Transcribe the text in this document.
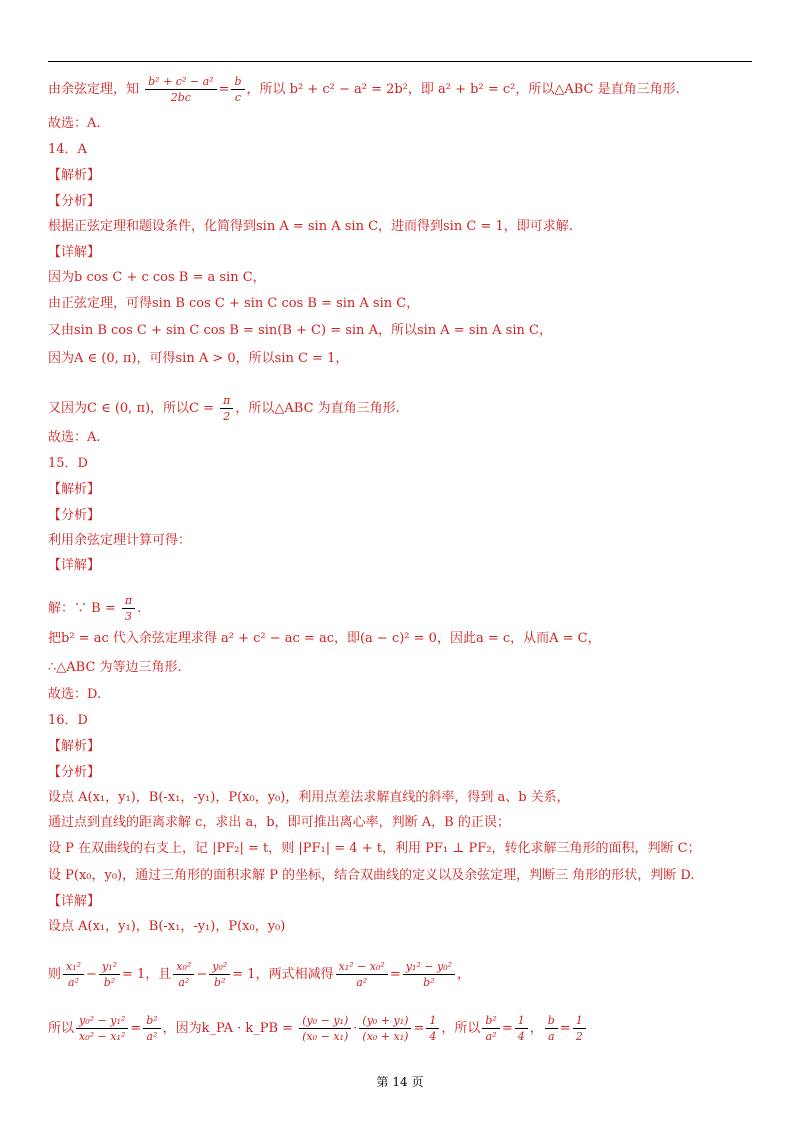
由余弦定理，知 $\frac{\text{b² + c² − a²}}{2bc} = \frac{b}{c}$ ，所以 b² + c² − a² = 2b²，即 a² + b² = c²，所以△ABC 是直角三角形.
故选：A.
14．A
【解析】
【分析】
根据正弦定理和题设条件，化简得到sin A = sin A sin C，进而得到sin C = 1，即可求解.
【详解】
因为b cos C + c cos B = a sin C，
由正弦定理，可得sin B cos C + sin C cos B = sin A sin C，
又由sin B cos C + sin C cos B = sin(B + C) = sin A，所以sin A = sin A sin C，
因为A ∈ (0, π)，可得sin A > 0，所以sin C = 1，
又因为C ∈ (0, π)，所以$C = \frac{\pi}{2}$ ，所以△ABC 为直角三角形.
故选：A.
15．D
【解析】
【分析】
利用余弦定理计算可得：
【详解】
解：∵ $B = \frac{\pi}{3}$ .
把b² = ac 代入余弦定理求得 a² + c² − ac = ac，即(a − c)² = 0，因此a = c，从而A = C，
∴△ABC 为等边三角形.
故选：D.
16．D
【解析】
【分析】
设点 A(x₁，y₁)，B(-x₁，-y₁)，P(x₀，y₀)，利用点差法求解直线的斜率，得到 a、b 关系，
通过点到直线的距离求解 c，求出 a，b，即可推出离心率，判断 A，B 的正误；
设 P 在双曲线的右支上，记 |PF₂| = t，则 |PF₁| = 4 + t，利用 PF₁ ⊥ PF₂，转化求解三角形的面积，判断 C；
设 P(x₀，y₀)，通过三角形的面积求解 P 的坐标，结合双曲线的定义以及余弦定理，判断三 角形的形状，判断 D.
【详解】
设点 A(x₁，y₁)，B(-x₁，-y₁)，P(x₀，y₀)
则 $\frac{\text{x₁²}}{\text{a²}} - \frac{\text{y₁²}}{\text{b²}} = 1$，且 $\frac{\text{x₀²}}{\text{a²}} - \frac{\text{y₀²}}{\text{b²}} = 1$，两式相减得 $\frac{\text{x₁² − x₀²}}{\text{a²}} = \frac{\text{y₁² − y₀²}}{\text{b²}}$ ，
所以 $\frac{\text{y₀² − y₁²}}{\text{x₀² − x₁²}} = \frac{\text{b²}}{\text{a²}}$ ，因为k_PA · k_PB = $\frac{\text{(y₀ − y₁)}}{\text{(x₀ − x₁)}} \cdot \frac{\text{(y₀ + y₁)}}{\text{(x₀ + x₁)}} = \frac{1}{4}$ ，所以 $\frac{\text{b²}}{\text{a²}} = \frac{1}{4}$ ， $\frac{b}{a} = \frac{1}{2}$
第 14 页
